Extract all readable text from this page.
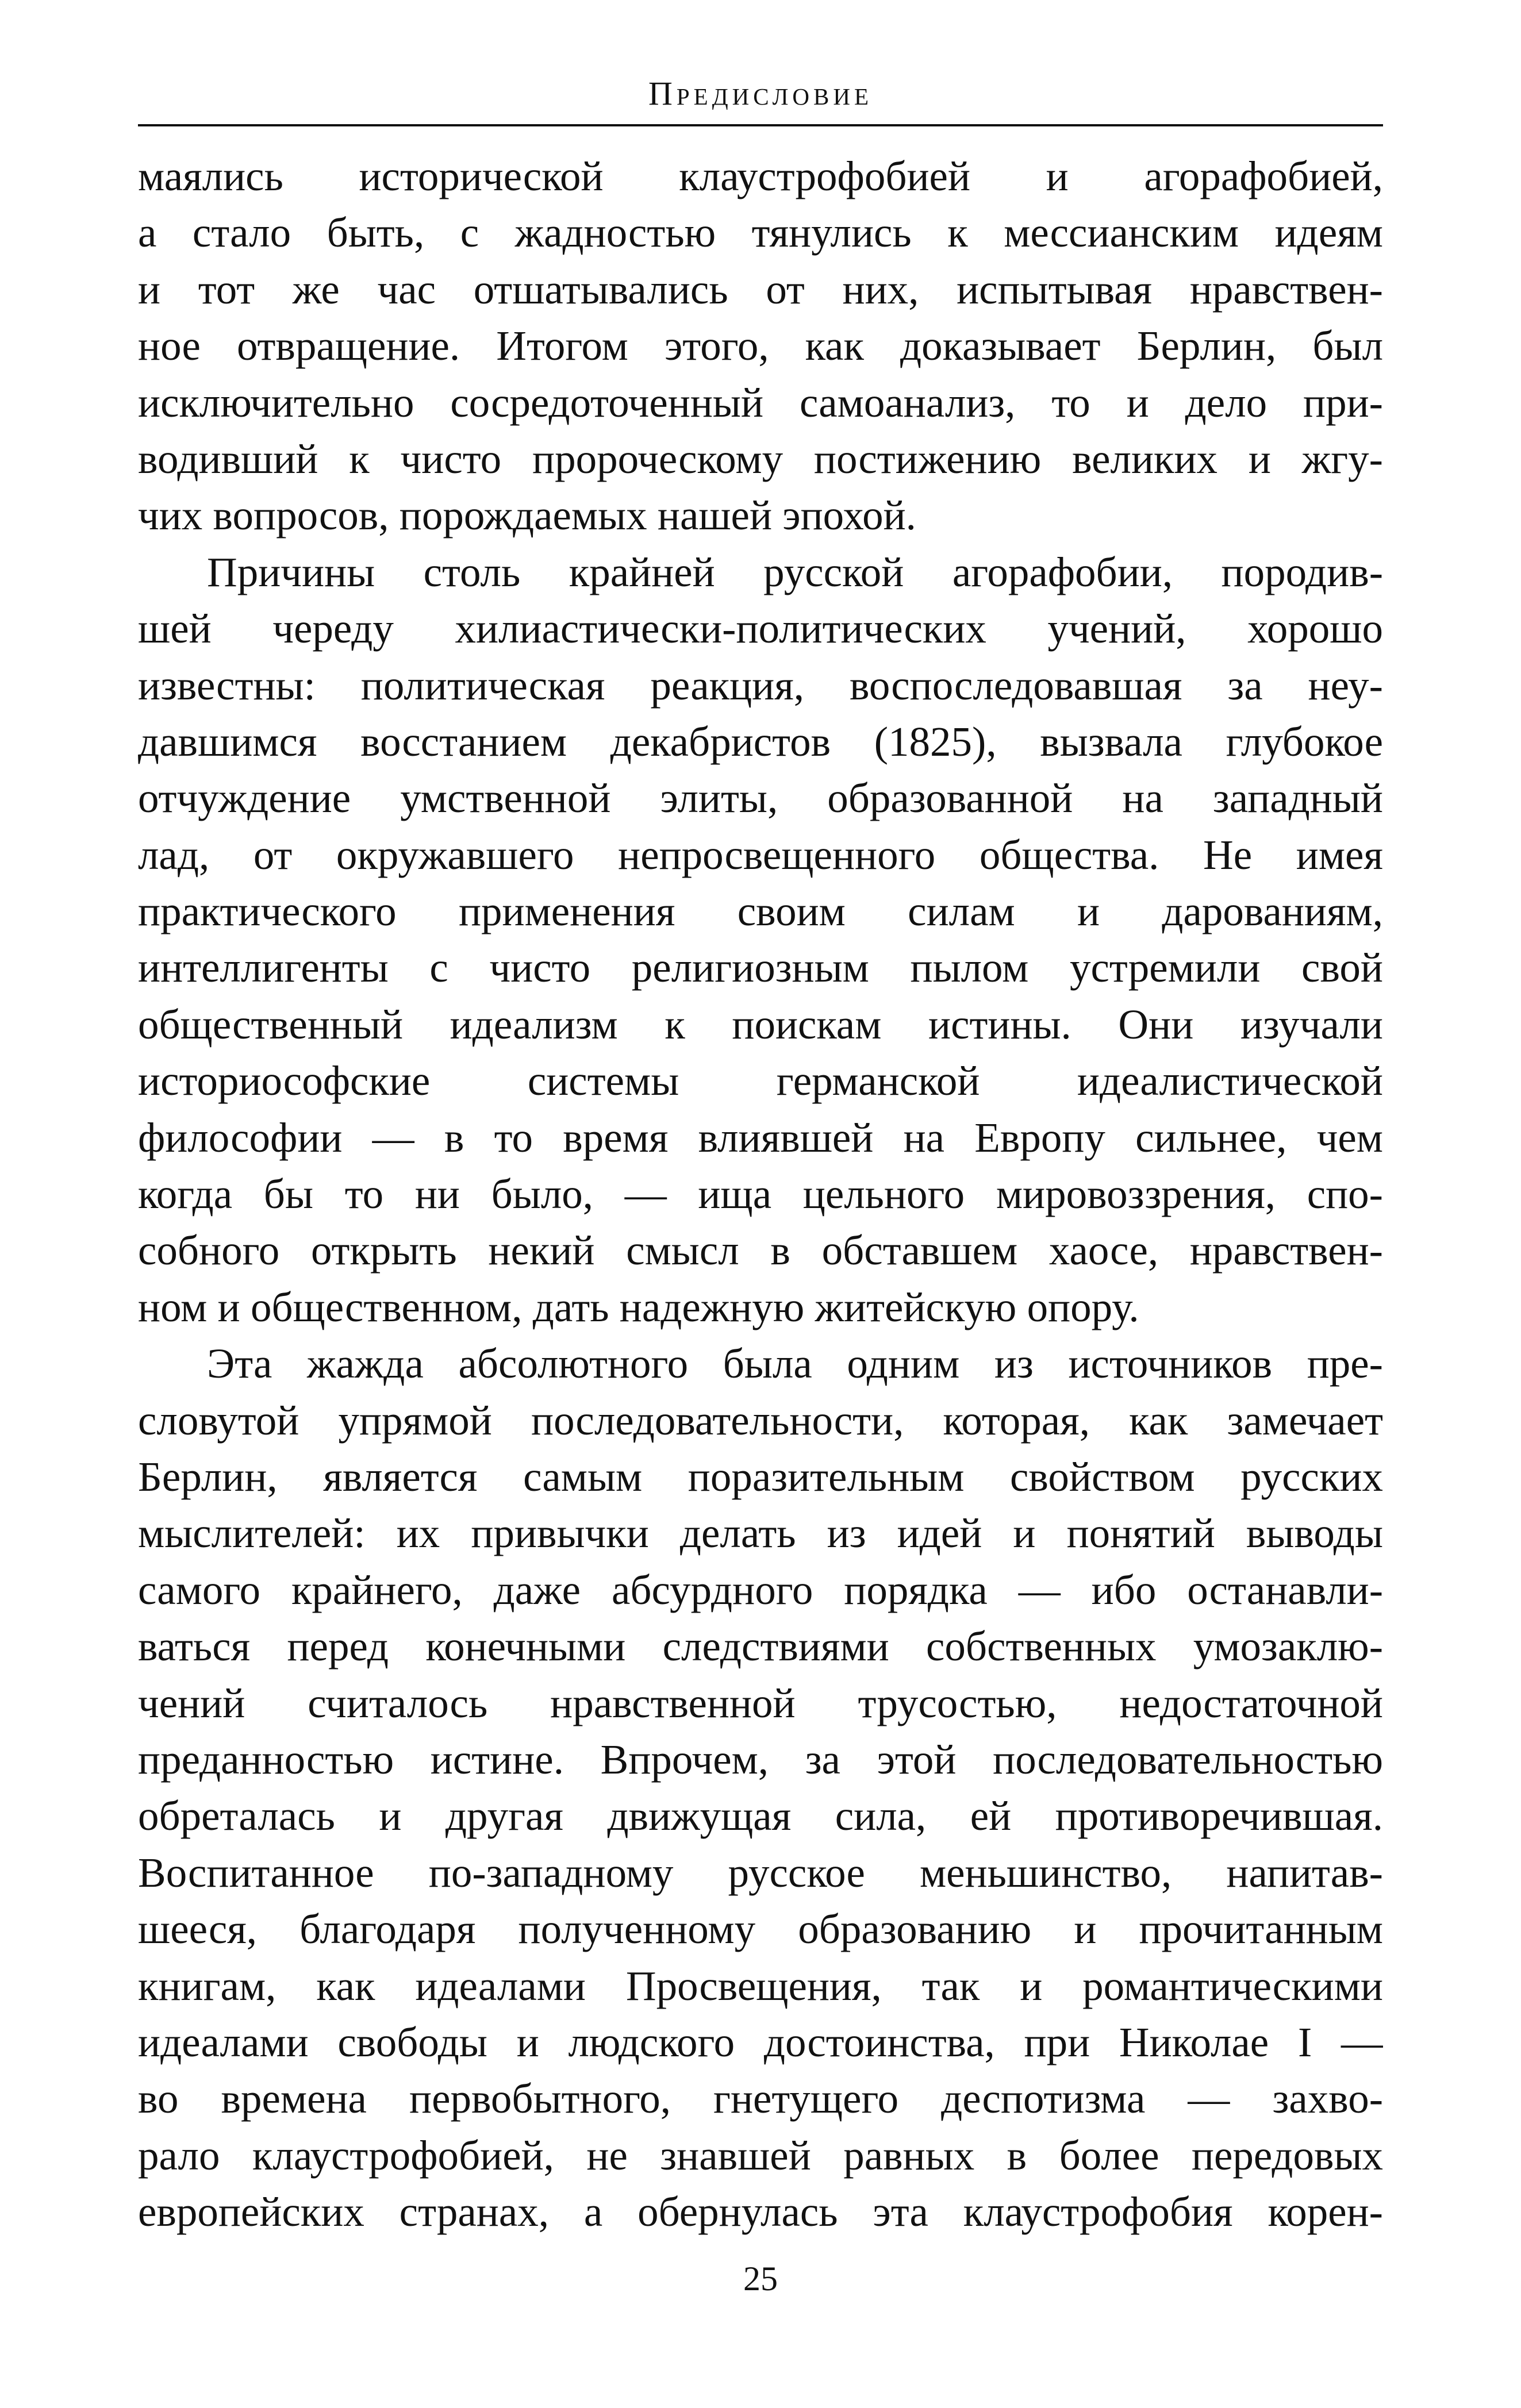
Предисловие
маялись исторической клаустрофобией и агорафобией,
а стало быть, с жадностью тянулись к мессианским идеям
и тот же час отшатывались от них, испытывая нравствен-
ное отвращение. Итогом этого, как доказывает Берлин, был
исключительно сосредоточенный самоанализ, то и дело при-
водивший к чисто пророческому постижению великих и жгу-
чих вопросов, порождаемых нашей эпохой.
Причины столь крайней русской агорафобии, породив-
шей череду хилиастически-политических учений, хорошо
известны: политическая реакция, воспоследовавшая за неу-
давшимся восстанием декабристов (1825), вызвала глубокое
отчуждение умственной элиты, образованной на западный
лад, от окружавшего непросвещенного общества. Не имея
практического применения своим силам и дарованиям,
интеллигенты с чисто религиозным пылом устремили свой
общественный идеализм к поискам истины. Они изучали
историософские системы германской идеалистической
философии — в то время влиявшей на Европу сильнее, чем
когда бы то ни было, — ища цельного мировоззрения, спо-
собного открыть некий смысл в обставшем хаосе, нравствен-
ном и общественном, дать надежную житейскую опору.
Эта жажда абсолютного была одним из источников пре-
словутой упрямой последовательности, которая, как замечает
Берлин, является самым поразительным свойством русских
мыслителей: их привычки делать из идей и понятий выводы
самого крайнего, даже абсурдного порядка — ибо останавли-
ваться перед конечными следствиями собственных умозаклю-
чений считалось нравственной трусостью, недостаточной
преданностью истине. Впрочем, за этой последовательностью
обреталась и другая движущая сила, ей противоречившая.
Воспитанное по-западному русское меньшинство, напитав-
шееся, благодаря полученному образованию и прочитанным
книгам, как идеалами Просвещения, так и романтическими
идеалами свободы и людского достоинства, при Николае I —
во времена первобытного, гнетущего деспотизма — захво-
рало клаустрофобией, не знавшей равных в более передовых
европейских странах, а обернулась эта клаустрофобия корен-
25
